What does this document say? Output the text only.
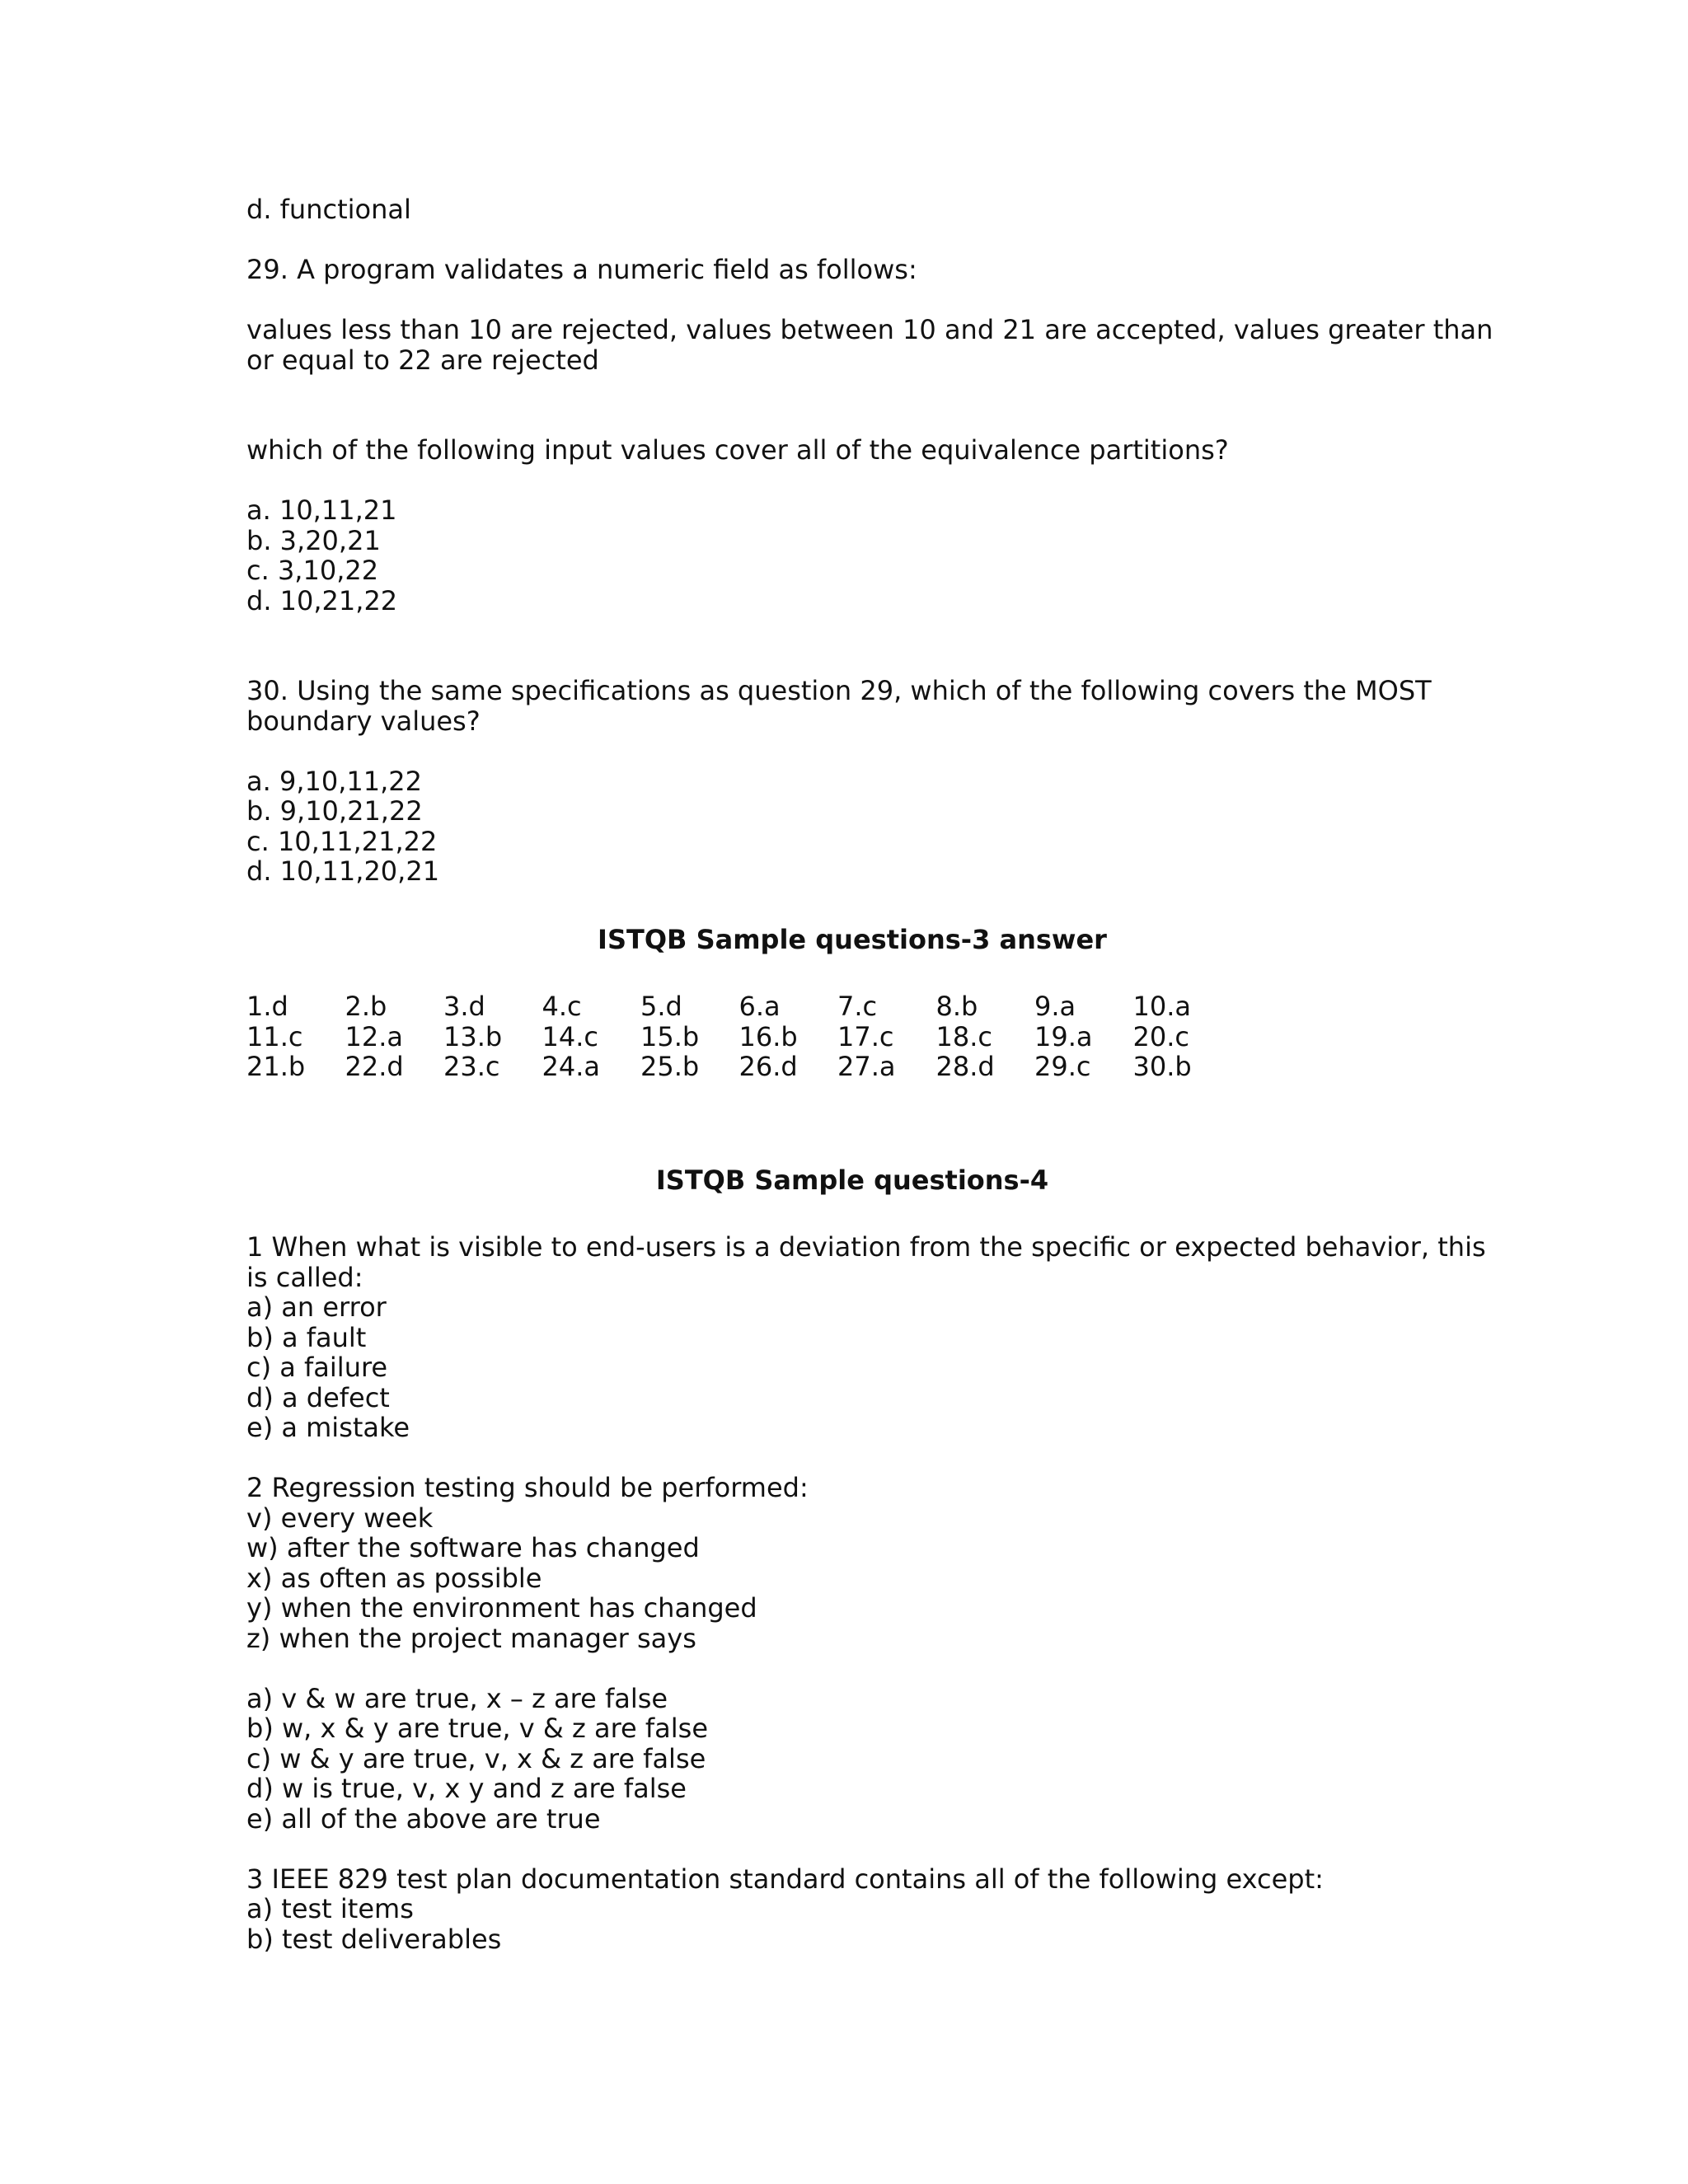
d. functional

29. A program validates a numeric field as follows:

values less than 10 are rejected, values between 10 and 21 are accepted, values greater than
or equal to 22 are rejected

which of the following input values cover all of the equivalence partitions?

a. 10,11,21
b. 3,20,21
c. 3,10,22
d. 10,21,22
30. Using the same specifications as question 29, which of the following covers the MOST
boundary values?
a. 9,10,11,22
b. 9,10,21,22
c. 10,11,21,22
d. 10,11,20,21

ISTQB Sample questions-3 answer

1.d	2.b	3.d	4.c	5.d	6.a	7.c	8.b	9.a	10.a
11.c	12.a	13.b	14.c	15.b	16.b	17.c	18.c	19.a	20.c
21.b	22.d	23.c	24.a	25.b	26.d	27.a	28.d	29.c	30.b

ISTQB Sample questions-4

1 When what is visible to end-users is a deviation from the specific or expected behavior, this
is called:
a) an error
b) a fault
c) a failure
d) a defect
e) a mistake
2 Regression testing should be performed:
v) every week
w) after the software has changed
x) as often as possible
y) when the environment has changed
z) when the project manager says
a) v & w are true, x – z are false
b) w, x & y are true, v & z are false
c) w & y are true, v, x & z are false
d) w is true, v, x y and z are false
e) all of the above are true
3 IEEE 829 test plan documentation standard contains all of the following except:
a) test items
b) test deliverables
